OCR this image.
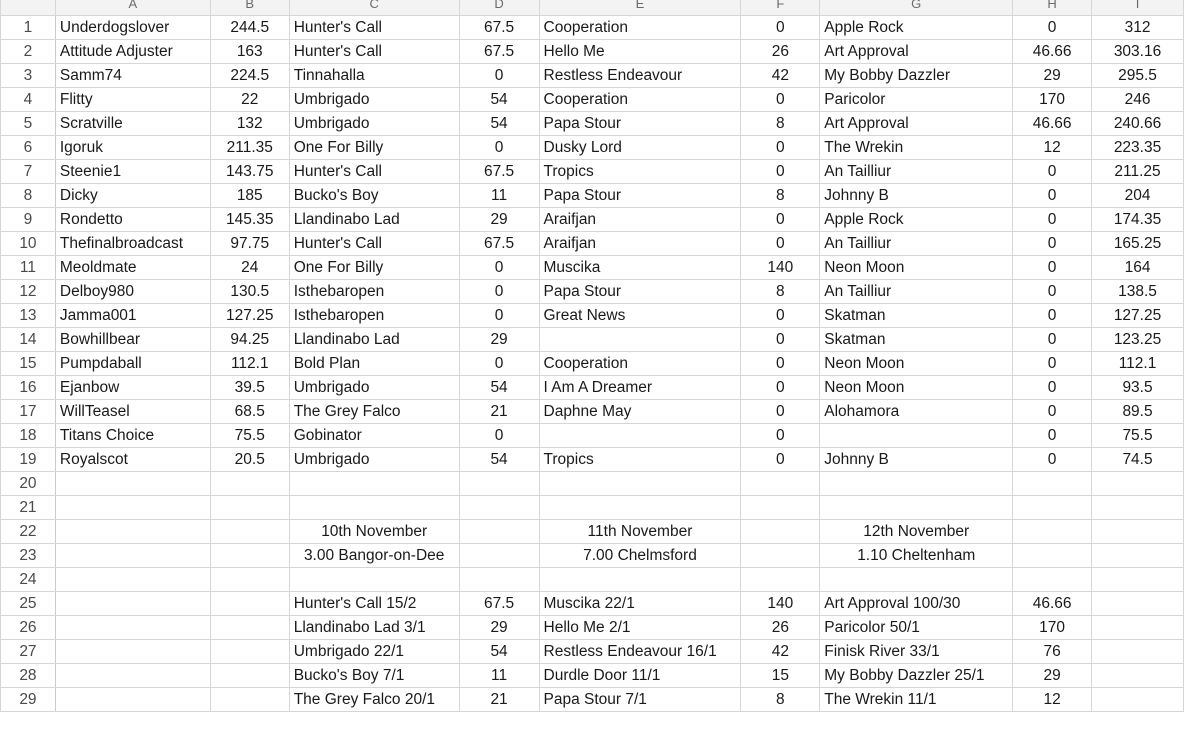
	A	B	C	D	E	F	G	H	I
1	Underdogslover	244.5	Hunter's Call	67.5	Cooperation	0	Apple Rock	0	312
2	Attitude Adjuster	163	Hunter's Call	67.5	Hello Me	26	Art Approval	46.66	303.16
3	Samm74	224.5	Tinnahalla	0	Restless Endeavour	42	My Bobby Dazzler	29	295.5
4	Flitty	22	Umbrigado	54	Cooperation	0	Paricolor	170	246
5	Scratville	132	Umbrigado	54	Papa Stour	8	Art Approval	46.66	240.66
6	Igoruk	211.35	One For Billy	0	Dusky Lord	0	The Wrekin	12	223.35
7	Steenie1	143.75	Hunter's Call	67.5	Tropics	0	An Tailliur	0	211.25
8	Dicky	185	Bucko's Boy	11	Papa Stour	8	Johnny B	0	204
9	Rondetto	145.35	Llandinabo Lad	29	Araifjan	0	Apple Rock	0	174.35
10	Thefinalbroadcast	97.75	Hunter's Call	67.5	Araifjan	0	An Tailliur	0	165.25
11	Meoldmate	24	One For Billy	0	Muscika	140	Neon Moon	0	164
12	Delboy980	130.5	Isthebaropen	0	Papa Stour	8	An Tailliur	0	138.5
13	Jamma001	127.25	Isthebaropen	0	Great News	0	Skatman	0	127.25
14	Bowhillbear	94.25	Llandinabo Lad	29		0	Skatman	0	123.25
15	Pumpdaball	112.1	Bold Plan	0	Cooperation	0	Neon Moon	0	112.1
16	Ejanbow	39.5	Umbrigado	54	I Am A Dreamer	0	Neon Moon	0	93.5
17	WillTeasel	68.5	The Grey Falco	21	Daphne May	0	Alohamora	0	89.5
18	Titans Choice	75.5	Gobinator	0		0		0	75.5
19	Royalscot	20.5	Umbrigado	54	Tropics	0	Johnny B	0	74.5
20									
21									
22			10th November		11th November		12th November		
23			3.00 Bangor-on-Dee		7.00 Chelmsford		1.10 Cheltenham		
24									
25			Hunter's Call 15/2	67.5	Muscika 22/1	140	Art Approval 100/30	46.66	
26			Llandinabo Lad 3/1	29	Hello Me 2/1	26	Paricolor 50/1	170	
27			Umbrigado 22/1	54	Restless Endeavour 16/1	42	Finisk River 33/1	76	
28			Bucko's Boy 7/1	11	Durdle Door 11/1	15	My Bobby Dazzler 25/1	29	
29			The Grey Falco 20/1	21	Papa Stour 7/1	8	The Wrekin 11/1	12	
